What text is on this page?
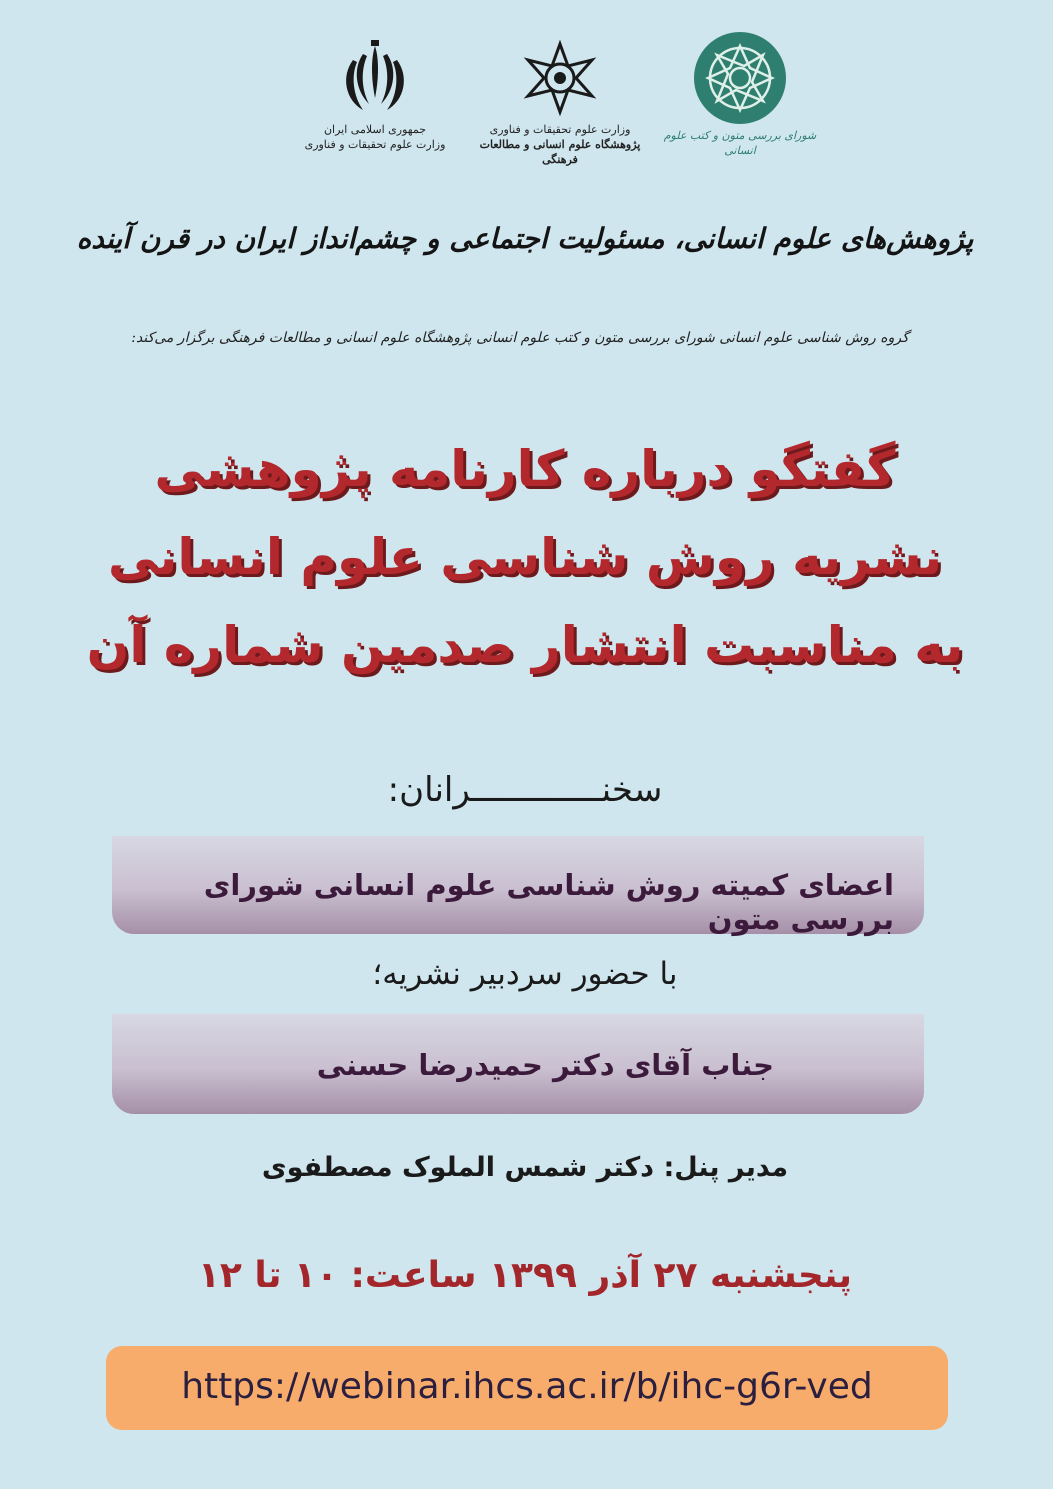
جمهوری اسلامی ایران
وزارت علوم تحقیقات و فناوری
وزارت علوم تحقیقات و فناوری
پژوهشگاه علوم انسانی و مطالعات فرهنگی
شورای بررسی متون و کتب علوم انسانی
پژوهش‌های علوم انسانی، مسئولیت اجتماعی و چشم‌انداز ایران در قرن آینده
گروه روش شناسی علوم انسانی شورای بررسی متون و کتب علوم انسانی پژوهشگاه علوم انسانی و مطالعات فرهنگی برگزار می‌کند:
گفتگو درباره کارنامه پژوهشی
نشریه روش شناسی علوم انسانی
به مناسبت انتشار صدمین شماره آن
سخنـــــــــــــرانان:
اعضای کمیته روش شناسی علوم انسانی شورای بررسی متون
با حضور سردبیر نشریه؛
جناب آقای دکتر حمیدرضا حسنی
مدیر پنل: دکتر شمس الملوک مصطفوی
پنجشنبه ۲۷ آذر ۱۳۹۹ ساعت: ۱۰ تا ۱۲
https://webinar.ihcs.ac.ir/b/ihc-g6r-ved
